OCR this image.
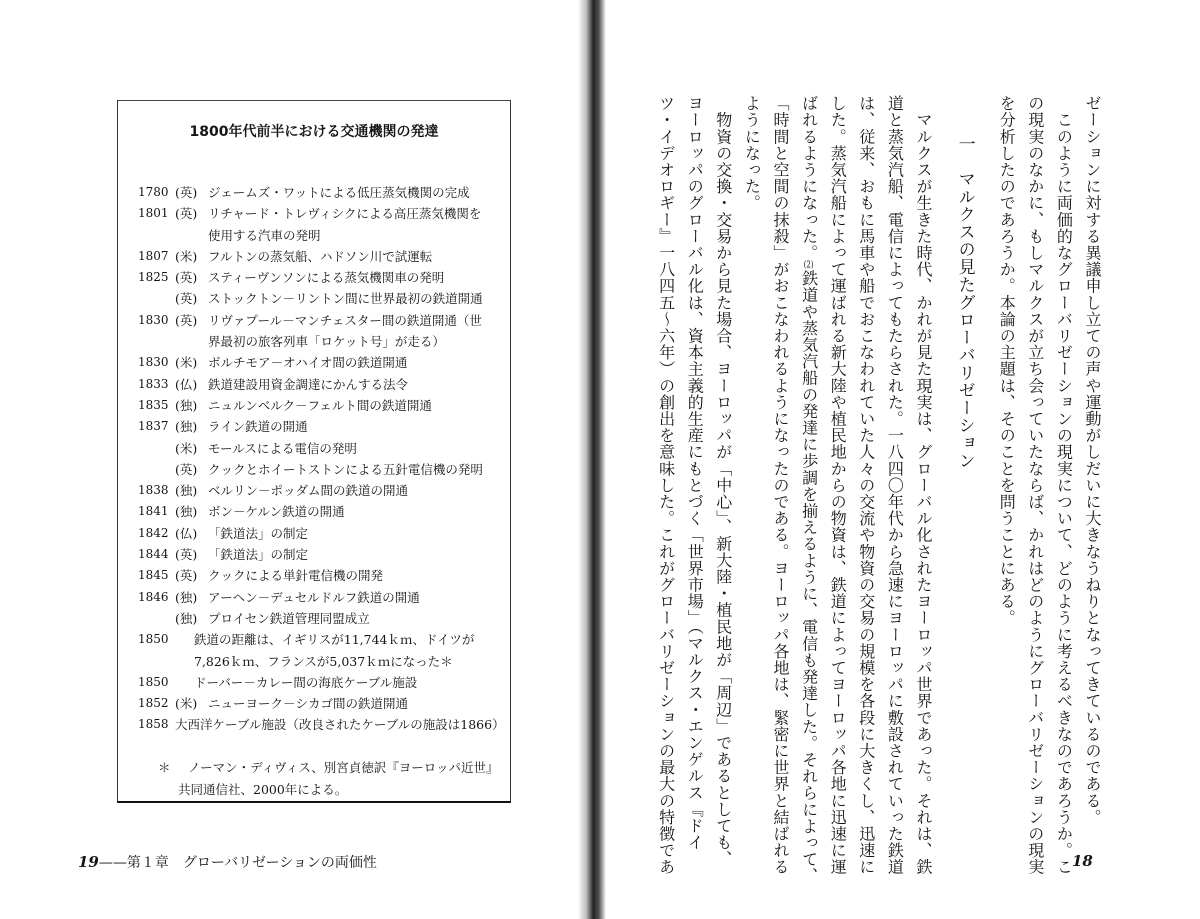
1800年代前半における交通機関の発達
1780 (英) ジェームズ・ワットによる低圧蒸気機関の完成
1801 (英) リチャード・トレヴィシクによる高圧蒸気機関を
使用する汽車の発明
1807 (米) フルトンの蒸気船、ハドソン川で試運転
1825 (英) スティーヴンソンによる蒸気機関車の発明
(英) ストックトン－リントン間に世界最初の鉄道開通
1830 (英) リヴァプール－マンチェスター間の鉄道開通（世
界最初の旅客列車「ロケット号」が走る）
1830 (米) ボルチモア－オハイオ間の鉄道開通
1833 (仏) 鉄道建設用資金調達にかんする法令
1835 (独) ニュルンベルク－フェルト間の鉄道開通
1837 (独) ライン鉄道の開通
(米) モールスによる電信の発明
(英) クックとホイートストンによる五針電信機の発明
1838 (独) ベルリン－ポッダム間の鉄道の開通
1841 (独) ボン－ケルン鉄道の開通
1842 (仏) 「鉄道法」の制定
1844 (英) 「鉄道法」の制定
1845 (英) クックによる単針電信機の開発
1846 (独) アーヘン－デュセルドルフ鉄道の開通
(独) プロイセン鉄道管理同盟成立
1850	鉄道の距離は、イギリスが11,744ｋｍ、ドイツが
7,826ｋｍ、フランスが5,037ｋｍになった＊
1850	ドーバー－カレー間の海底ケーブル施設
1852 (米) ニューヨーク－シカゴ間の鉄道開通
1858 大西洋ケーブル施設（改良されたケーブルの施設は1866）
＊ ノーマン・ディヴィス、別宮貞徳訳『ヨーロッパ近世』
共同通信社、2000年による。
19——第１章　グローバリゼーションの両価性
ゼーションに対する異議申し立ての声や運動がしだいに大きなうねりとなってきているのである。
　このように両価的なグローバリゼーションの現実について、どのように考えるべきなのであろうか。こ
の現実のなかに、もしマルクスが立ち会っていたならば、かれはどのようにグローバリゼーションの現実
を分析したのであろうか。本論の主題は、そのことを問うことにある。
一　マルクスの見たグローバリゼーション
　マルクスが生きた時代、かれが見た現実は、グローバル化されたヨーロッパ世界であった。それは、鉄
道と蒸気汽船、電信によってもたらされた。一八四〇年代から急速にヨーロッパに敷設されていった鉄道
は、従来、おもに馬車や船でおこなわれていた人々の交流や物資の交易の規模を各段に大きくし、迅速に
した。蒸気汽船によって運ばれる新大陸や植民地からの物資は、鉄道によってヨーロッパ各地に迅速に運
ばれるようになった。(2)鉄道や蒸気汽船の発達に歩調を揃えるように、電信も発達した。それらによって、
「時間と空間の抹殺」がおこなわれるようになったのである。ヨーロッパ各地は、緊密に世界と結ばれる
ようになった。
　物資の交換・交易から見た場合、ヨーロッパが「中心」、新大陸・植民地が「周辺」であるとしても、
ヨーロッパのグローバル化は、資本主義的生産にもとづく「世界市場」（マルクス・エンゲルス『ドイ
ツ・イデオロギー』一八四五～六年）の創出を意味した。これがグローバリゼーションの最大の特徴であ	18
